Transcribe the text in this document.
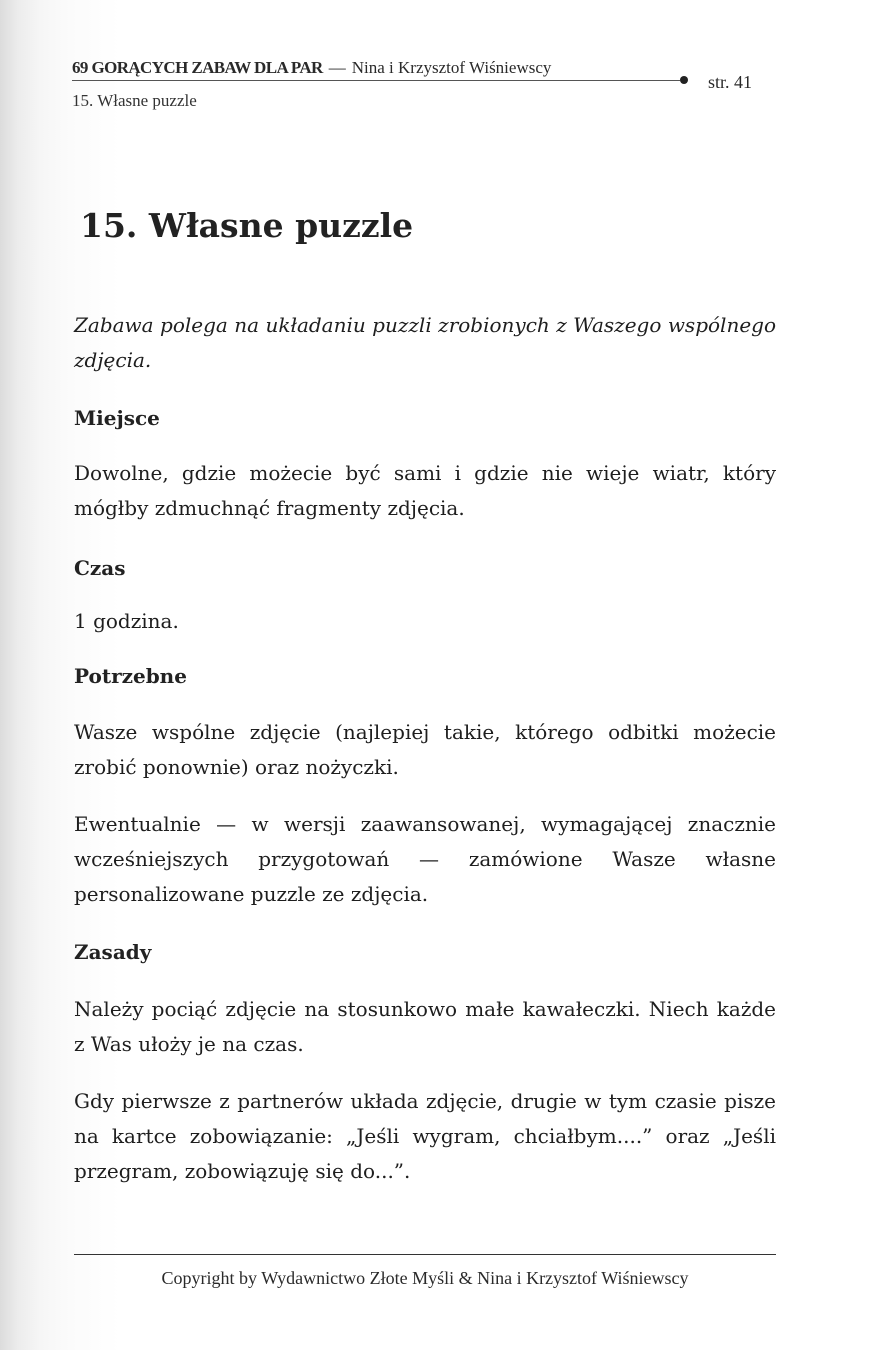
69 GORĄCYCH ZABAW DLA PAR — Nina i Krzysztof Wiśniewscy
str. 41
15. Własne puzzle
15. Własne puzzle

Zabawa polega na układaniu puzzli zrobionych z Waszego wspólnego zdjęcia.

Miejsce

Dowolne, gdzie możecie być sami i gdzie nie wieje wiatr, który mógłby zdmuchnąć fragmenty zdjęcia.

Czas

1 godzina.

Potrzebne

Wasze wspólne zdjęcie (najlepiej takie, którego odbitki możecie zrobić ponownie) oraz nożyczki.

Ewentualnie — w wersji zaawansowanej, wymagającej znacznie wcześniejszych przygotowań — zamówione Wasze własne personalizowane puzzle ze zdjęcia.

Zasady

Należy pociąć zdjęcie na stosunkowo małe kawałeczki. Niech każde z Was ułoży je na czas.

Gdy pierwsze z partnerów układa zdjęcie, drugie w tym czasie pisze na kartce zobowiązanie: „Jeśli wygram, chciałbym....” oraz „Jeśli przegram, zobowiązuję się do...”.

Copyright by Wydawnictwo Złote Myśli & Nina i Krzysztof Wiśniewscy
